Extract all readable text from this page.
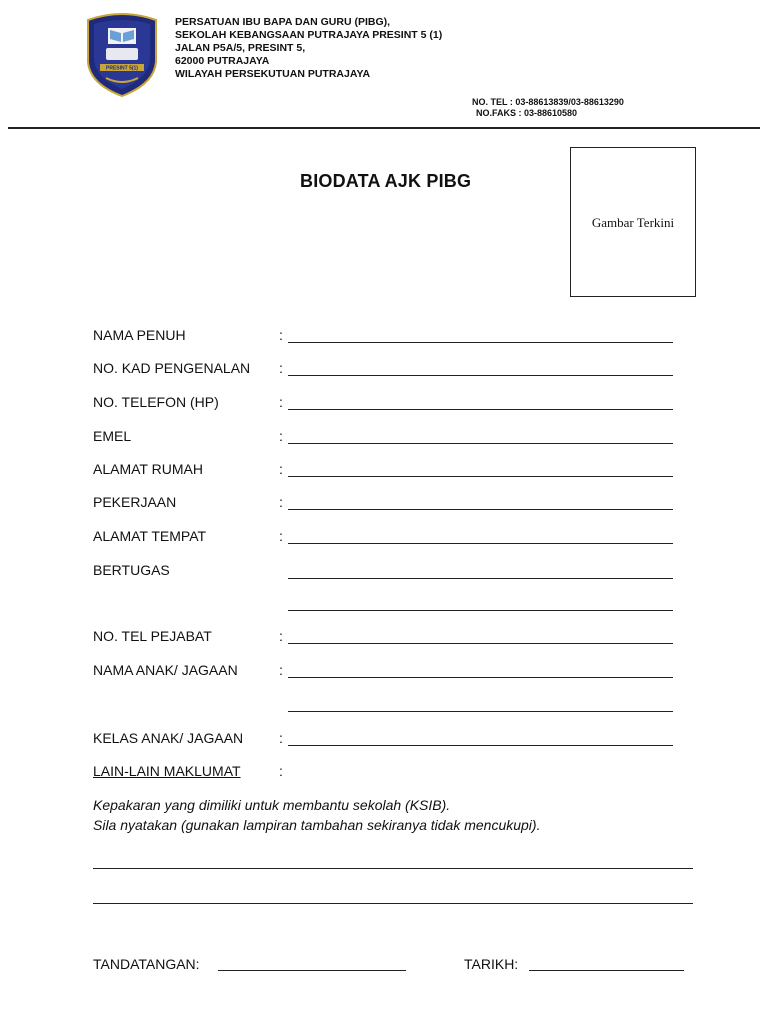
PRESINT 5(1)
PERSATUAN IBU BAPA DAN GURU (PIBG),
SEKOLAH KEBANGSAAN PUTRAJAYA PRESINT 5 (1)
JALAN P5A/5, PRESINT 5,
62000 PUTRAJAYA
WILAYAH PERSEKUTUAN PUTRAJAYA
NO. TEL : 03-88613839/03-88613290
NO.FAKS : 03-88610580
BIODATA AJK PIBG
Gambar Terkini
NAMA PENUH	:
NO. KAD PENGENALAN :
NO. TELEFON (HP)	:
EMEL	:
ALAMAT RUMAH	:
PEKERJAAN	:
ALAMAT TEMPAT	:
BERTUGAS
NO. TEL PEJABAT	:
NAMA ANAK/ JAGAAN	:
KELAS ANAK/ JAGAAN	:
LAIN-LAIN MAKLUMAT	:
Kepakaran yang dimiliki untuk membantu sekolah (KSIB).
Sila nyatakan (gunakan lampiran tambahan sekiranya tidak mencukupi).
TANDATANGAN:	TARIKH:
